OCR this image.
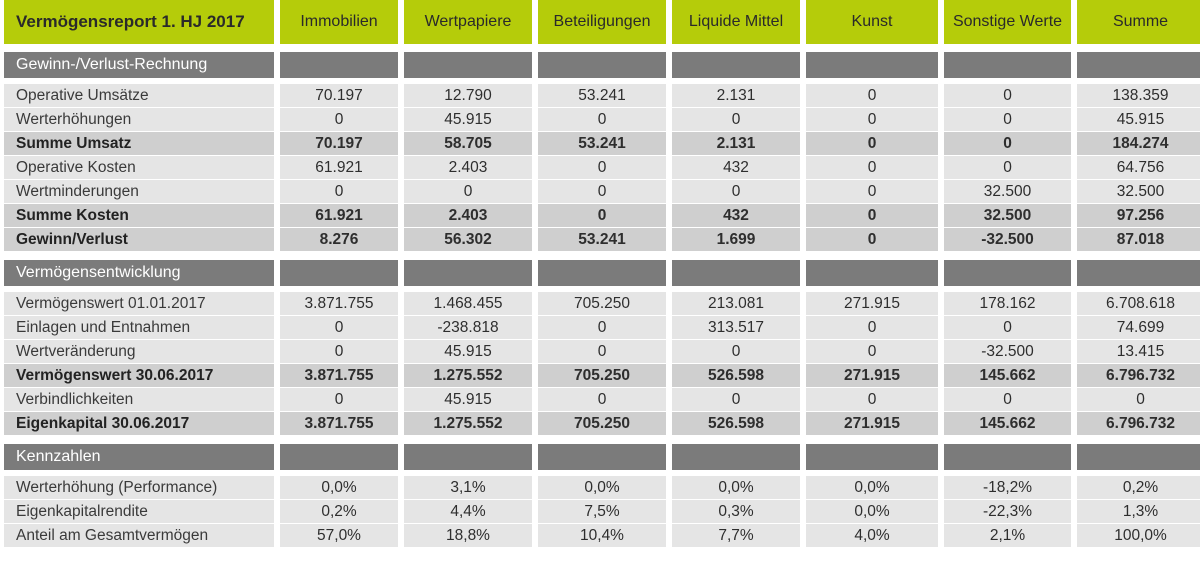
Vermögensreport 1. HJ 2017	Immobilien	Wertpapiere	Beteiligungen	Liquide Mittel	Kunst	Sonstige Werte	Summe
Gewinn-/Verlust-Rechnung
Operative Umsätze	70.197	12.790	53.241	2.131	0	0	138.359
Werterhöhungen	0	45.915	0	0	0	0	45.915
Summe Umsatz	70.197	58.705	53.241	2.131	0	0	184.274
Operative Kosten	61.921	2.403	0	432	0	0	64.756
Wertminderungen	0	0	0	0	0	32.500	32.500
Summe Kosten	61.921	2.403	0	432	0	32.500	97.256
Gewinn/Verlust	8.276	56.302	53.241	1.699	0	-32.500	87.018
Vermögensentwicklung
Vermögenswert 01.01.2017	3.871.755	1.468.455	705.250	213.081	271.915	178.162	6.708.618
Einlagen und Entnahmen	0	-238.818	0	313.517	0	0	74.699
Wertveränderung	0	45.915	0	0	0	-32.500	13.415
Vermögenswert 30.06.2017	3.871.755	1.275.552	705.250	526.598	271.915	145.662	6.796.732
Verbindlichkeiten	0	45.915	0	0	0	0	0
Eigenkapital 30.06.2017	3.871.755	1.275.552	705.250	526.598	271.915	145.662	6.796.732
Kennzahlen
Werterhöhung (Performance)	0,0%	3,1%	0,0%	0,0%	0,0%	-18,2%	0,2%
Eigenkapitalrendite	0,2%	4,4%	7,5%	0,3%	0,0%	-22,3%	1,3%
Anteil am Gesamtvermögen	57,0%	18,8%	10,4%	7,7%	4,0%	2,1%	100,0%
